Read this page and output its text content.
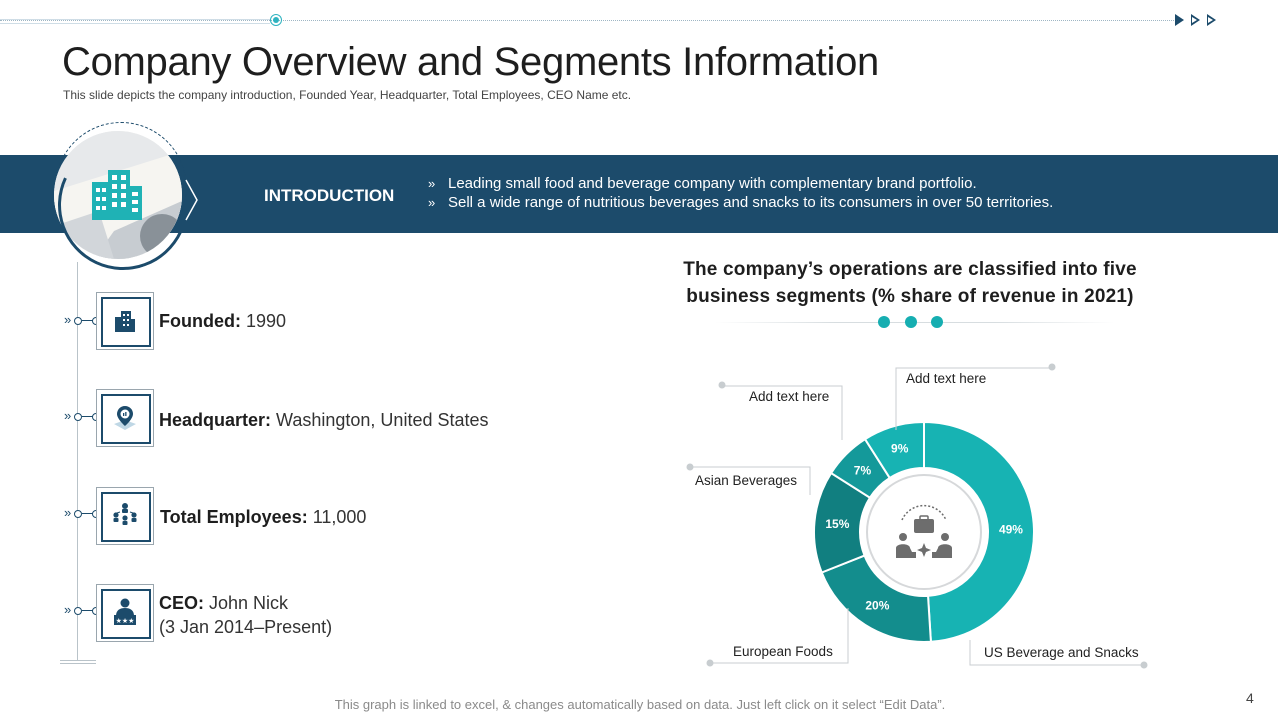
Company Overview and Segments Information
This slide depicts the company introduction, Founded Year, Headquarter, Total Employees, CEO Name etc.
INTRODUCTION
» Leading small food and beverage company with complementary brand portfolio.
» Sell a wide range of nutritious beverages and snacks to its consumers in over 50 territories.
»	Founded: 1990
»	Headquarter: Washington, United States
»	Total Employees: 11,000
»
★★★
CEO: John Nick
(3 Jan 2014–Present)
The company’s operations are classified into five business segments (% share of revenue in 2021)
49%
20%
15%
7%
9%
Add text here
Add text here
Asian Beverages
European Foods	US Beverage and Snacks
This graph is linked to excel, & changes automatically based on data. Just left click on it select “Edit Data”.	4
